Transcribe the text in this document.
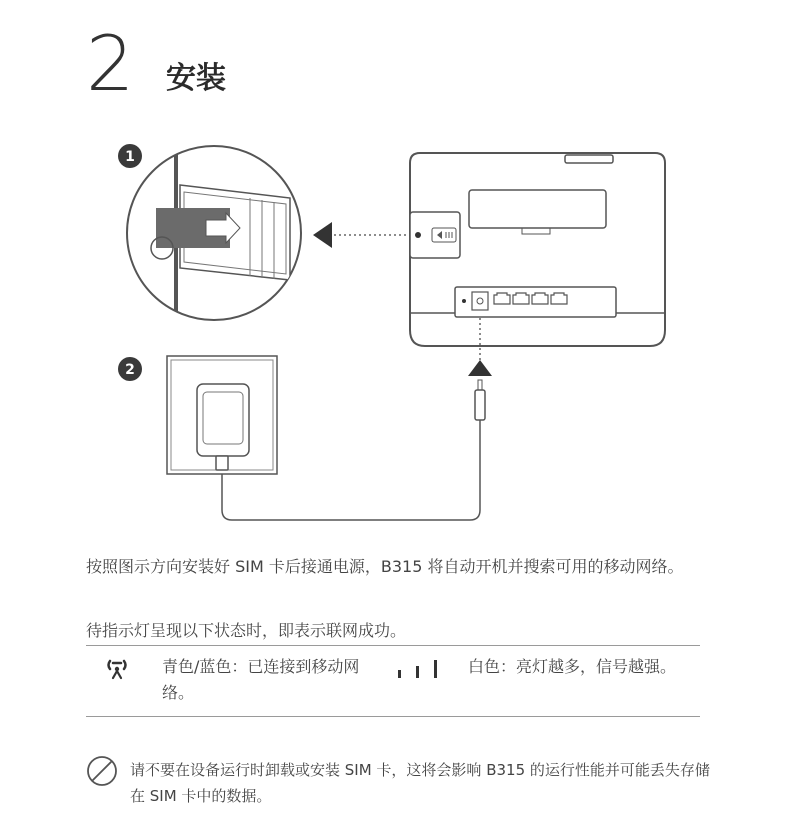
2 安装
1
2
按照图示方向安装好 SIM 卡后接通电源，B315 将自动开机并搜索可用的移动网络。
待指示灯呈现以下状态时，即表示联网成功。
青色/蓝色：已连接到移动网络。
白色：亮灯越多，信号越强。
请不要在设备运行时卸载或安装 SIM 卡，这将会影响 B315 的运行性能并可能丢失存储在 SIM 卡中的数据。
